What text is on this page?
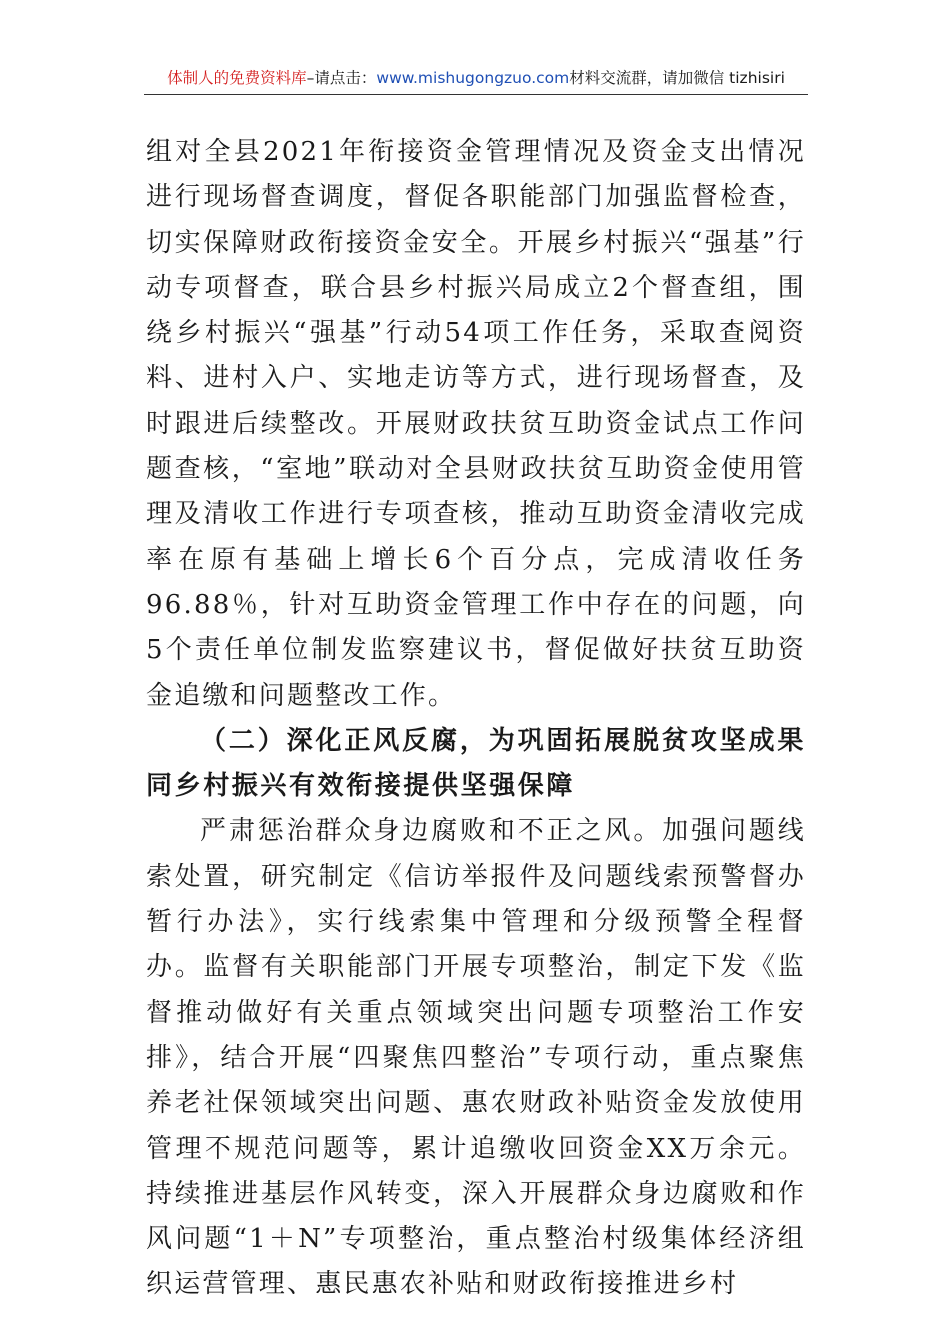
体制人的免费资料库–请点击：www.mishugongzuo.com材料交流群，请加微信 tizhisiri

组对全县2021年衔接资金管理情况及资金支出情况进行现场督查调度，督促各职能部门加强监督检查，切实保障财政衔接资金安全。开展乡村振兴“强基”行动专项督查，联合县乡村振兴局成立2个督查组，围绕乡村振兴“强基”行动54项工作任务，采取查阅资料、进村入户、实地走访等方式，进行现场督查，及时跟进后续整改。开展财政扶贫互助资金试点工作问题查核，“室地”联动对全县财政扶贫互助资金使用管理及清收工作进行专项查核，推动互助资金清收完成率在原有基础上增长6个百分点，完成清收任务96.88％，针对互助资金管理工作中存在的问题，向5个责任单位制发监察建议书，督促做好扶贫互助资金追缴和问题整改工作。

（二）深化正风反腐，为巩固拓展脱贫攻坚成果同乡村振兴有效衔接提供坚强保障

严肃惩治群众身边腐败和不正之风。加强问题线索处置，研究制定《信访举报件及问题线索预警督办暂行办法》，实行线索集中管理和分级预警全程督办。监督有关职能部门开展专项整治，制定下发《监督推动做好有关重点领域突出问题专项整治工作安排》，结合开展“四聚焦四整治”专项行动，重点聚焦养老社保领域突出问题、惠农财政补贴资金发放使用管理不规范问题等，累计追缴收回资金XX万余元。持续推进基层作风转变，深入开展群众身边腐败和作风问题“1＋N”专项整治，重点整治村级集体经济组织运营管理、惠民惠农补贴和财政衔接推进乡村
